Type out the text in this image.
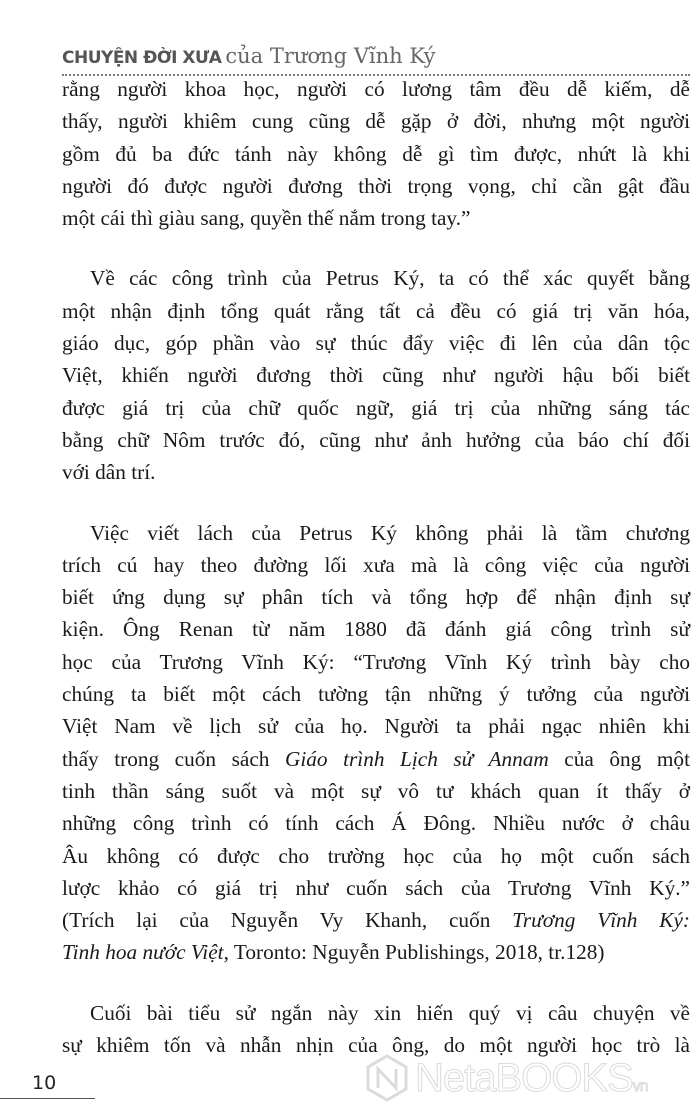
CHUYỆN ĐỜI XƯA của Trương Vĩnh Ký
rằng người khoa học, người có lương tâm đều dễ kiếm, dễ
thấy, người khiêm cung cũng dễ gặp ở đời, nhưng một người
gồm đủ ba đức tánh này không dễ gì tìm được, nhứt là khi
người đó được người đương thời trọng vọng, chỉ cần gật đầu
một cái thì giàu sang, quyền thế nắm trong tay.”
Về các công trình của Petrus Ký, ta có thể xác quyết bằng
một nhận định tổng quát rằng tất cả đều có giá trị văn hóa,
giáo dục, góp phần vào sự thúc đẩy việc đi lên của dân tộc
Việt, khiến người đương thời cũng như người hậu bối biết
được giá trị của chữ quốc ngữ, giá trị của những sáng tác
bằng chữ Nôm trước đó, cũng như ảnh hưởng của báo chí đối
với dân trí.
Việc viết lách của Petrus Ký không phải là tầm chương
trích cú hay theo đường lối xưa mà là công việc của người
biết ứng dụng sự phân tích và tổng hợp để nhận định sự
kiện. Ông Renan từ năm 1880 đã đánh giá công trình sử
học của Trương Vĩnh Ký: “Trương Vĩnh Ký trình bày cho
chúng ta biết một cách tường tận những ý tưởng của người
Việt Nam về lịch sử của họ. Người ta phải ngạc nhiên khi
thấy trong cuốn sách Giáo trình Lịch sử Annam của ông một
tinh thần sáng suốt và một sự vô tư khách quan ít thấy ở
những công trình có tính cách Á Đông. Nhiều nước ở châu
Âu không có được cho trường học của họ một cuốn sách
lược khảo có giá trị như cuốn sách của Trương Vĩnh Ký.”
(Trích lại của Nguyễn Vy Khanh, cuốn Trương Vĩnh Ký:
Tinh hoa nước Việt, Toronto: Nguyễn Publishings, 2018, tr.128)
Cuối bài tiểu sử ngắn này xin hiến quý vị câu chuyện về
sự khiêm tốn và nhẫn nhịn của ông, do một người học trò là
10	NetaBOOKSvn
